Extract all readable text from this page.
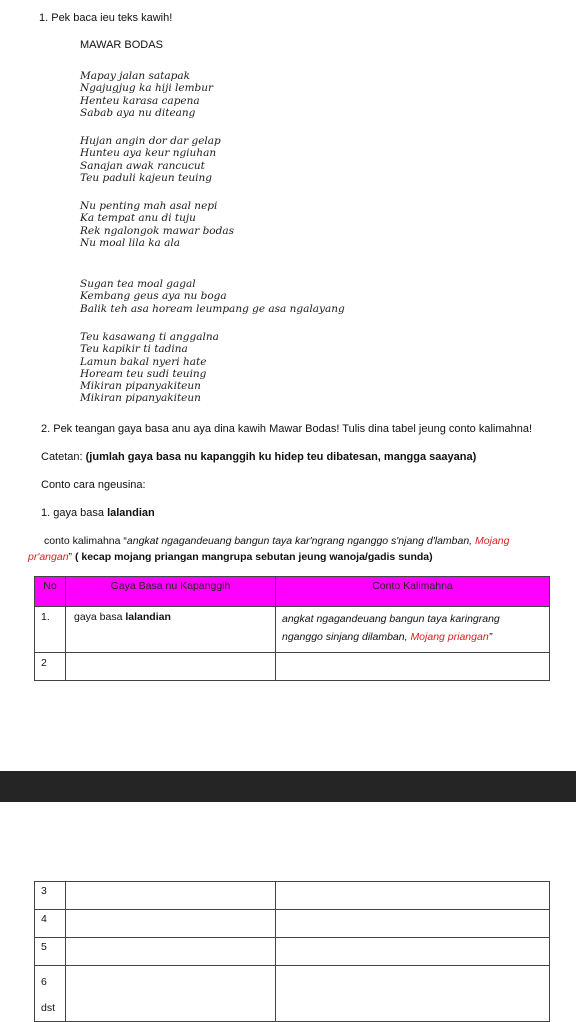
1. Pek baca ieu teks kawih!
MAWAR BODAS
Mapay jalan satapak
Ngajugjug ka hiji lembur
Henteu karasa capena
Sabab aya nu diteang
Hujan angin dor dar gelap
Hunteu aya keur ngiuhan
Sanajan awak rancucut
Teu paduli kajeun teuing
Nu penting mah asal nepi
Ka tempat anu di tuju
Rek ngalongok mawar bodas
Nu moal lila ka ala
Sugan tea moal gagal
Kembang geus aya nu boga
Balik teh asa hoream leumpang ge asa ngalayang
Teu kasawang ti anggalna
Teu kapikir ti tadina
Lamun bakal nyeri hate
Hoream teu sudi teuing
Mikiran pipanyakiteun
Mikiran pipanyakiteun
2. Pek teangan gaya basa anu aya dina kawih Mawar Bodas! Tulis dina tabel jeung conto kalimahna!
Catetan: (jumlah gaya basa nu kapanggih ku hidep teu dibatesan, mangga saayana)
Conto cara ngeusina:
1. gaya basa lalandian
conto kalimahna “angkat ngagandeuang bangun taya kar'ngrang nganggo s'njang d'lamban, Mojang
pr'angan” ( kecap mojang priangan mangrupa sebutan jeung wanoja/gadis sunda)
No	Gaya Basa nu Kapanggih	Conto Kalimahna
1.	gaya basa lalandian	angkat ngagandeuang bangun taya karingrang
nganggo sinjang dilamban, Mojang priangan”

2		
3		
4		
5		

6
dst		
